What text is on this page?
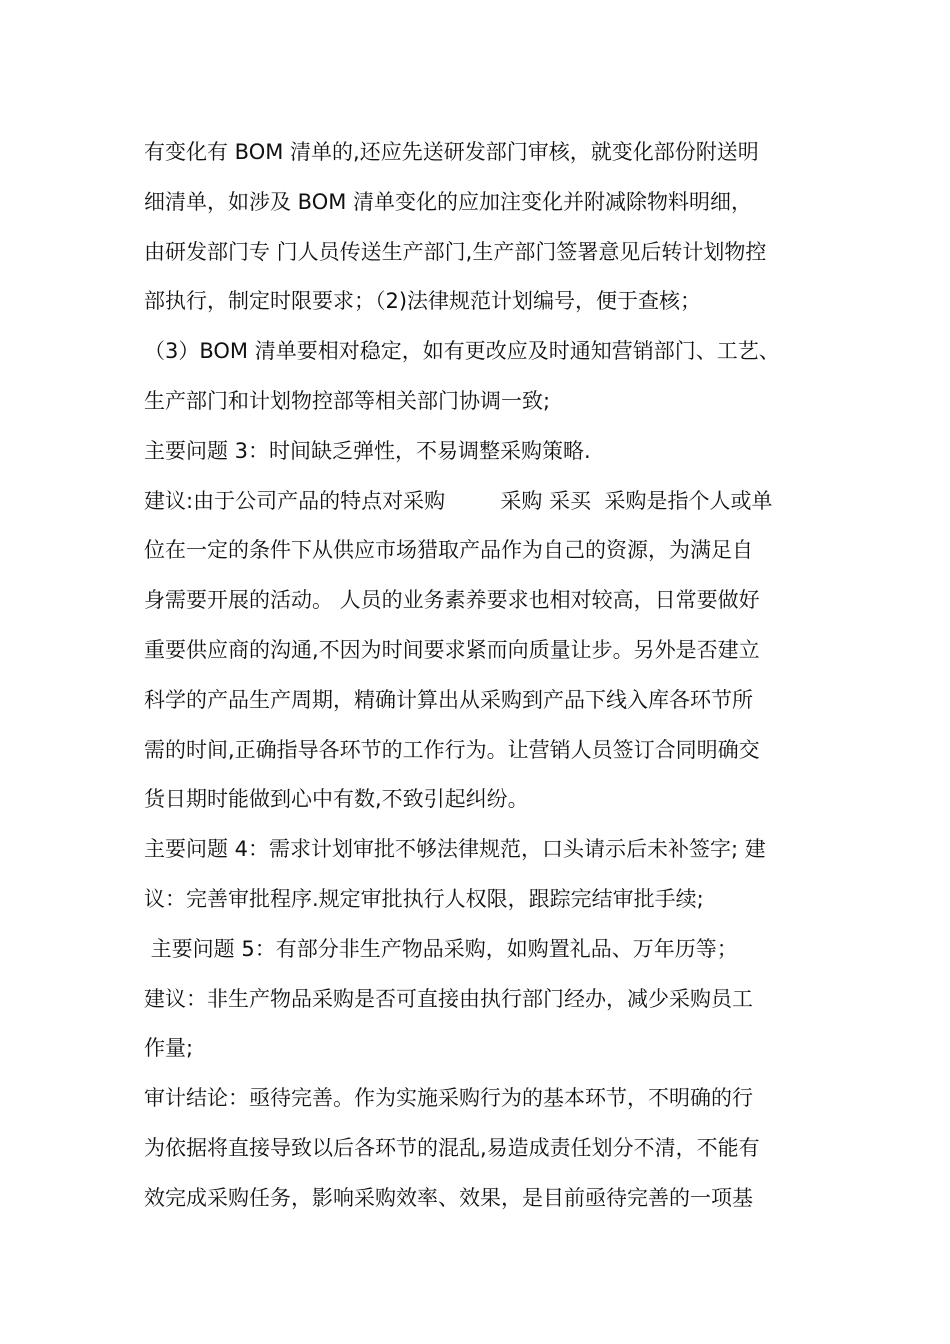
有变化有 BOM 清单的,还应先送研发部门审核，就变化部份附送明
细清单，如涉及 BOM 清单变化的应加注变化并附减除物料明细，
由研发部门专 门人员传送生产部门,生产部门签署意见后转计划物控
部执行，制定时限要求；（2)法律规范计划编号，便于查核；
（3）BOM 清单要相对稳定，如有更改应及时通知营销部门、工艺、
生产部门和计划物控部等相关部门协调一致;
主要问题 3：时间缺乏弹性，不易调整采购策略.
建议:由于公司产品的特点对采购　　  采购 采买  采购是指个人或单
位在一定的条件下从供应市场猎取产品作为自己的资源，为满足自
身需要开展的活动。 人员的业务素养要求也相对较高，日常要做好
重要供应商的沟通,不因为时间要求紧而向质量让步。另外是否建立
科学的产品生产周期，精确计算出从采购到产品下线入库各环节所
需的时间,正确指导各环节的工作行为。让营销人员签订合同明确交
货日期时能做到心中有数,不致引起纠纷。
主要问题 4：需求计划审批不够法律规范，口头请示后未补签字; 建
议：完善审批程序.规定审批执行人权限，跟踪完结审批手续;
主要问题 5：有部分非生产物品采购，如购置礼品、万年历等；
建议：非生产物品采购是否可直接由执行部门经办，减少采购员工
作量;
审计结论：亟待完善。作为实施采购行为的基本环节，不明确的行
为依据将直接导致以后各环节的混乱,易造成责任划分不清，不能有
效完成采购任务，影响采购效率、效果，是目前亟待完善的一项基
